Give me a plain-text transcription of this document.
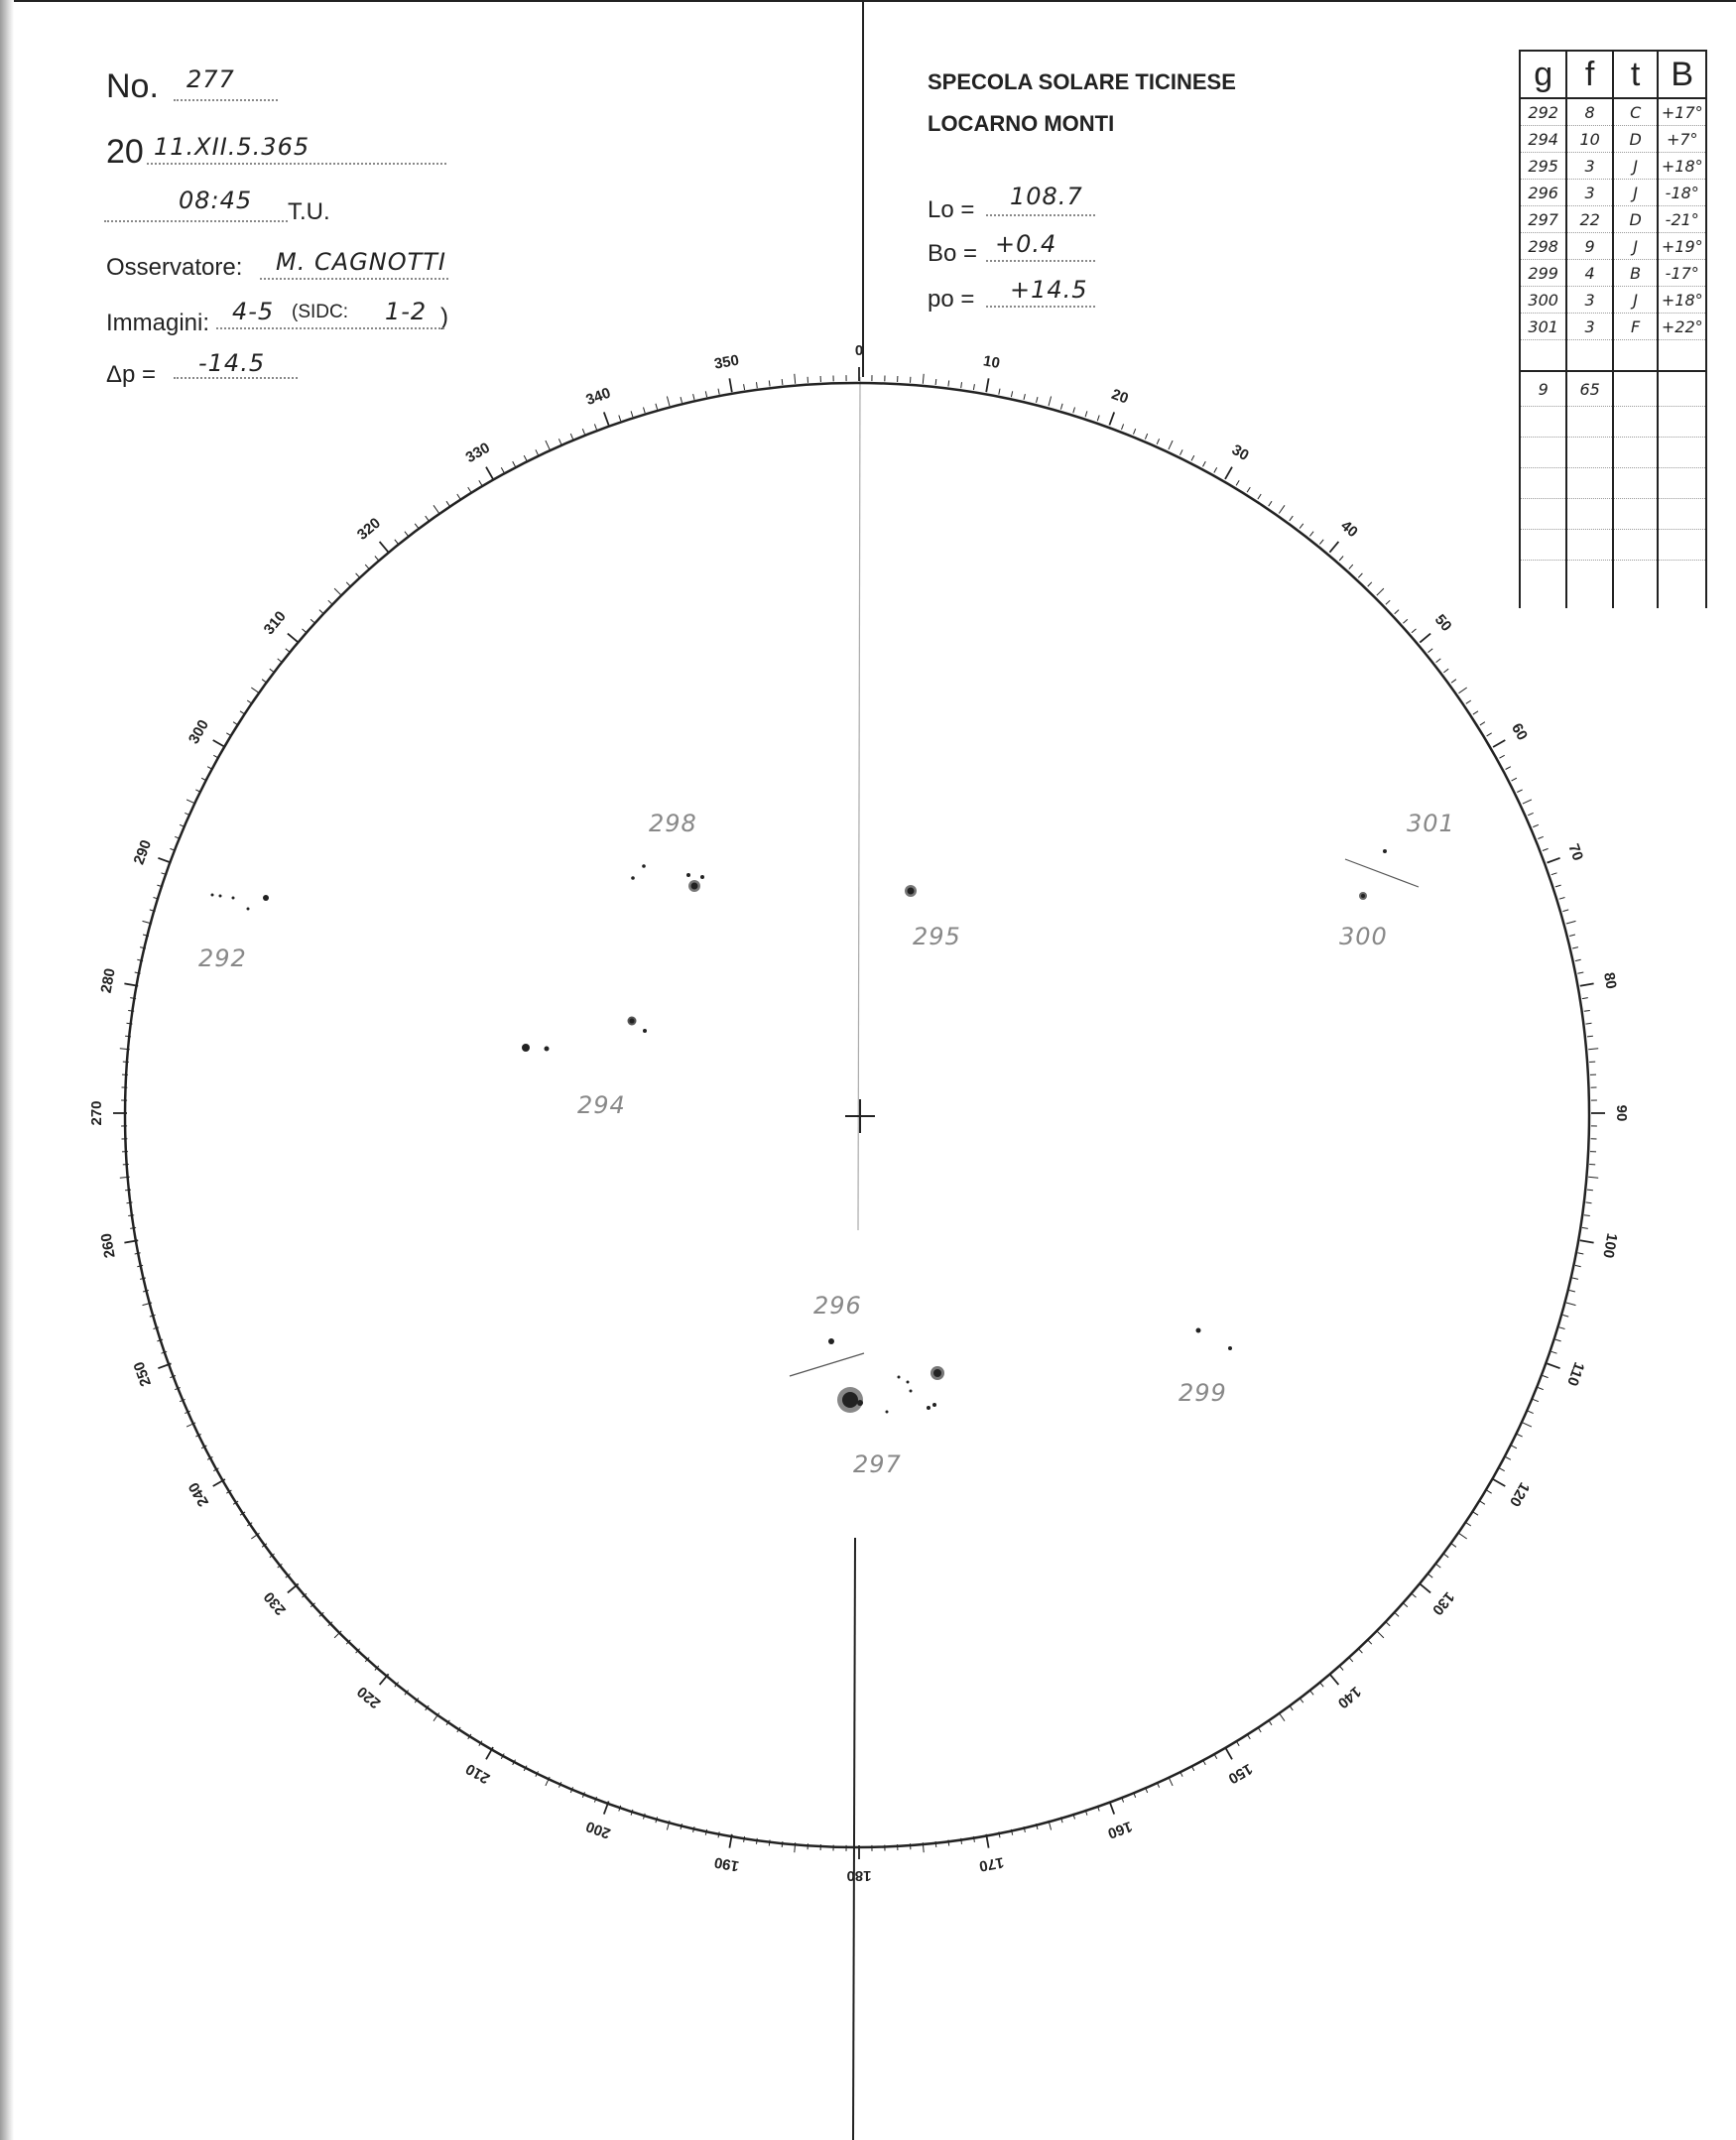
0
10
20
30
40
50
60
70
80
90
100
110
120
130
140
150
160
170
180
190
200
210
220
230
240
250
260
270
280
290
300
310
320
330
340
350
No. 277
20 11.XII.5.365
08:45 T.U.
Osservatore: M. CAGNOTTI
Immagini: 4-5 (SIDC: 1-2 )
Δp = -14.5
SPECOLA SOLARE TICINESE
LOCARNO MONTI
Lo = 108.7
Bo = +0.4
po = +14.5
g	f	t	B
292	8	C	+17°
294	10	D	+7°
295	3	J	+18°
296	3	J	-18°
297	22	D	-21°
298	9	J	+19°
299	4	B	-17°
300	3	J	+18°
301	3	F	+22°

9	65		

292
294
295
296
297
298
299
300
301
